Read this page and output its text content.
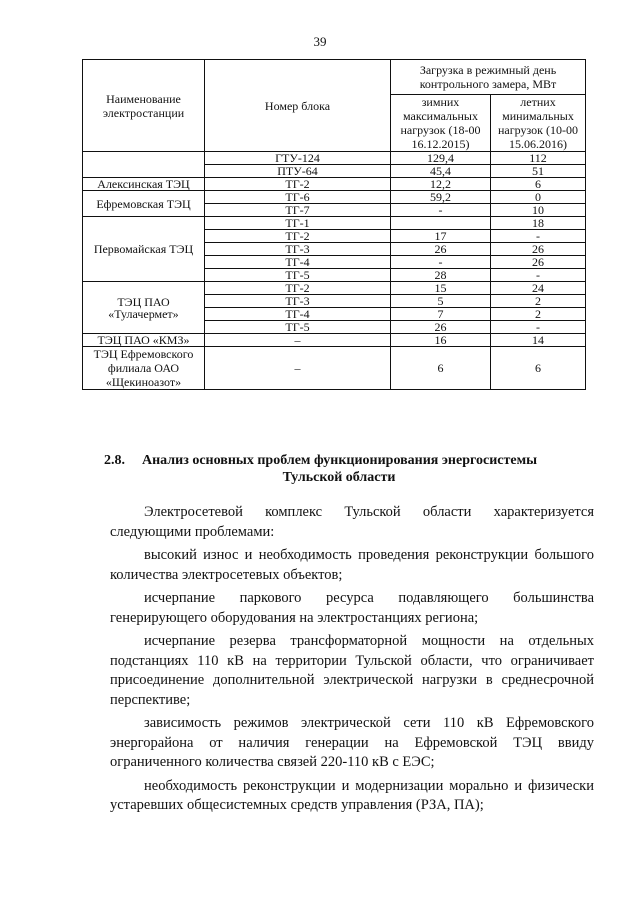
39
Наименование электростанции	Номер блока	Загрузка в режимный день контрольного замера, МВт	
		зимних максимальных нагрузок (18-00 16.12.2015)	летних минимальных нагрузок (10-00 15.06.2016)
	ГТУ-124	129,4	112
	ПТУ-64	45,4	51
Алексинская ТЭЦ	ТГ-2	12,2	6
Ефремовская ТЭЦ	ТГ-6	59,2	0
	ТГ-7	-	10
Первомайская ТЭЦ	ТГ-1		18
	ТГ-2	17	-
	ТГ-3	26	26
	ТГ-4	-	26
	ТГ-5	28	-
ТЭЦ ПАО «Тулачермет»	ТГ-2	15	24
	ТГ-3	5	2
	ТГ-4	7	2
	ТГ-5	26	-
ТЭЦ ПАО «КМЗ»	–	16	14
ТЭЦ Ефремовского филиала ОАО «Щекиноазот»	–	6	6
2.8. Анализ основных проблем функционирования энергосистемы
Тульской области

Электросетевой комплекс Тульской области характеризуется следующими проблемами:

высокий износ и необходимость проведения реконструкции большого количества электросетевых объектов;

исчерпание паркового ресурса подавляющего большинства генерирующего оборудования на электростанциях региона;

исчерпание резерва трансформаторной мощности на отдельных подстанциях 110 кВ на территории Тульской области, что ограничивает присоединение дополнительной электрической нагрузки в среднесрочной перспективе;

зависимость режимов электрической сети 110 кВ Ефремовского энергорайона от наличия генерации на Ефремовской ТЭЦ ввиду ограниченного количества связей 220-110 кВ с ЕЭС;

необходимость реконструкции и модернизации морально и физически устаревших общесистемных средств управления (РЗА, ПА);
